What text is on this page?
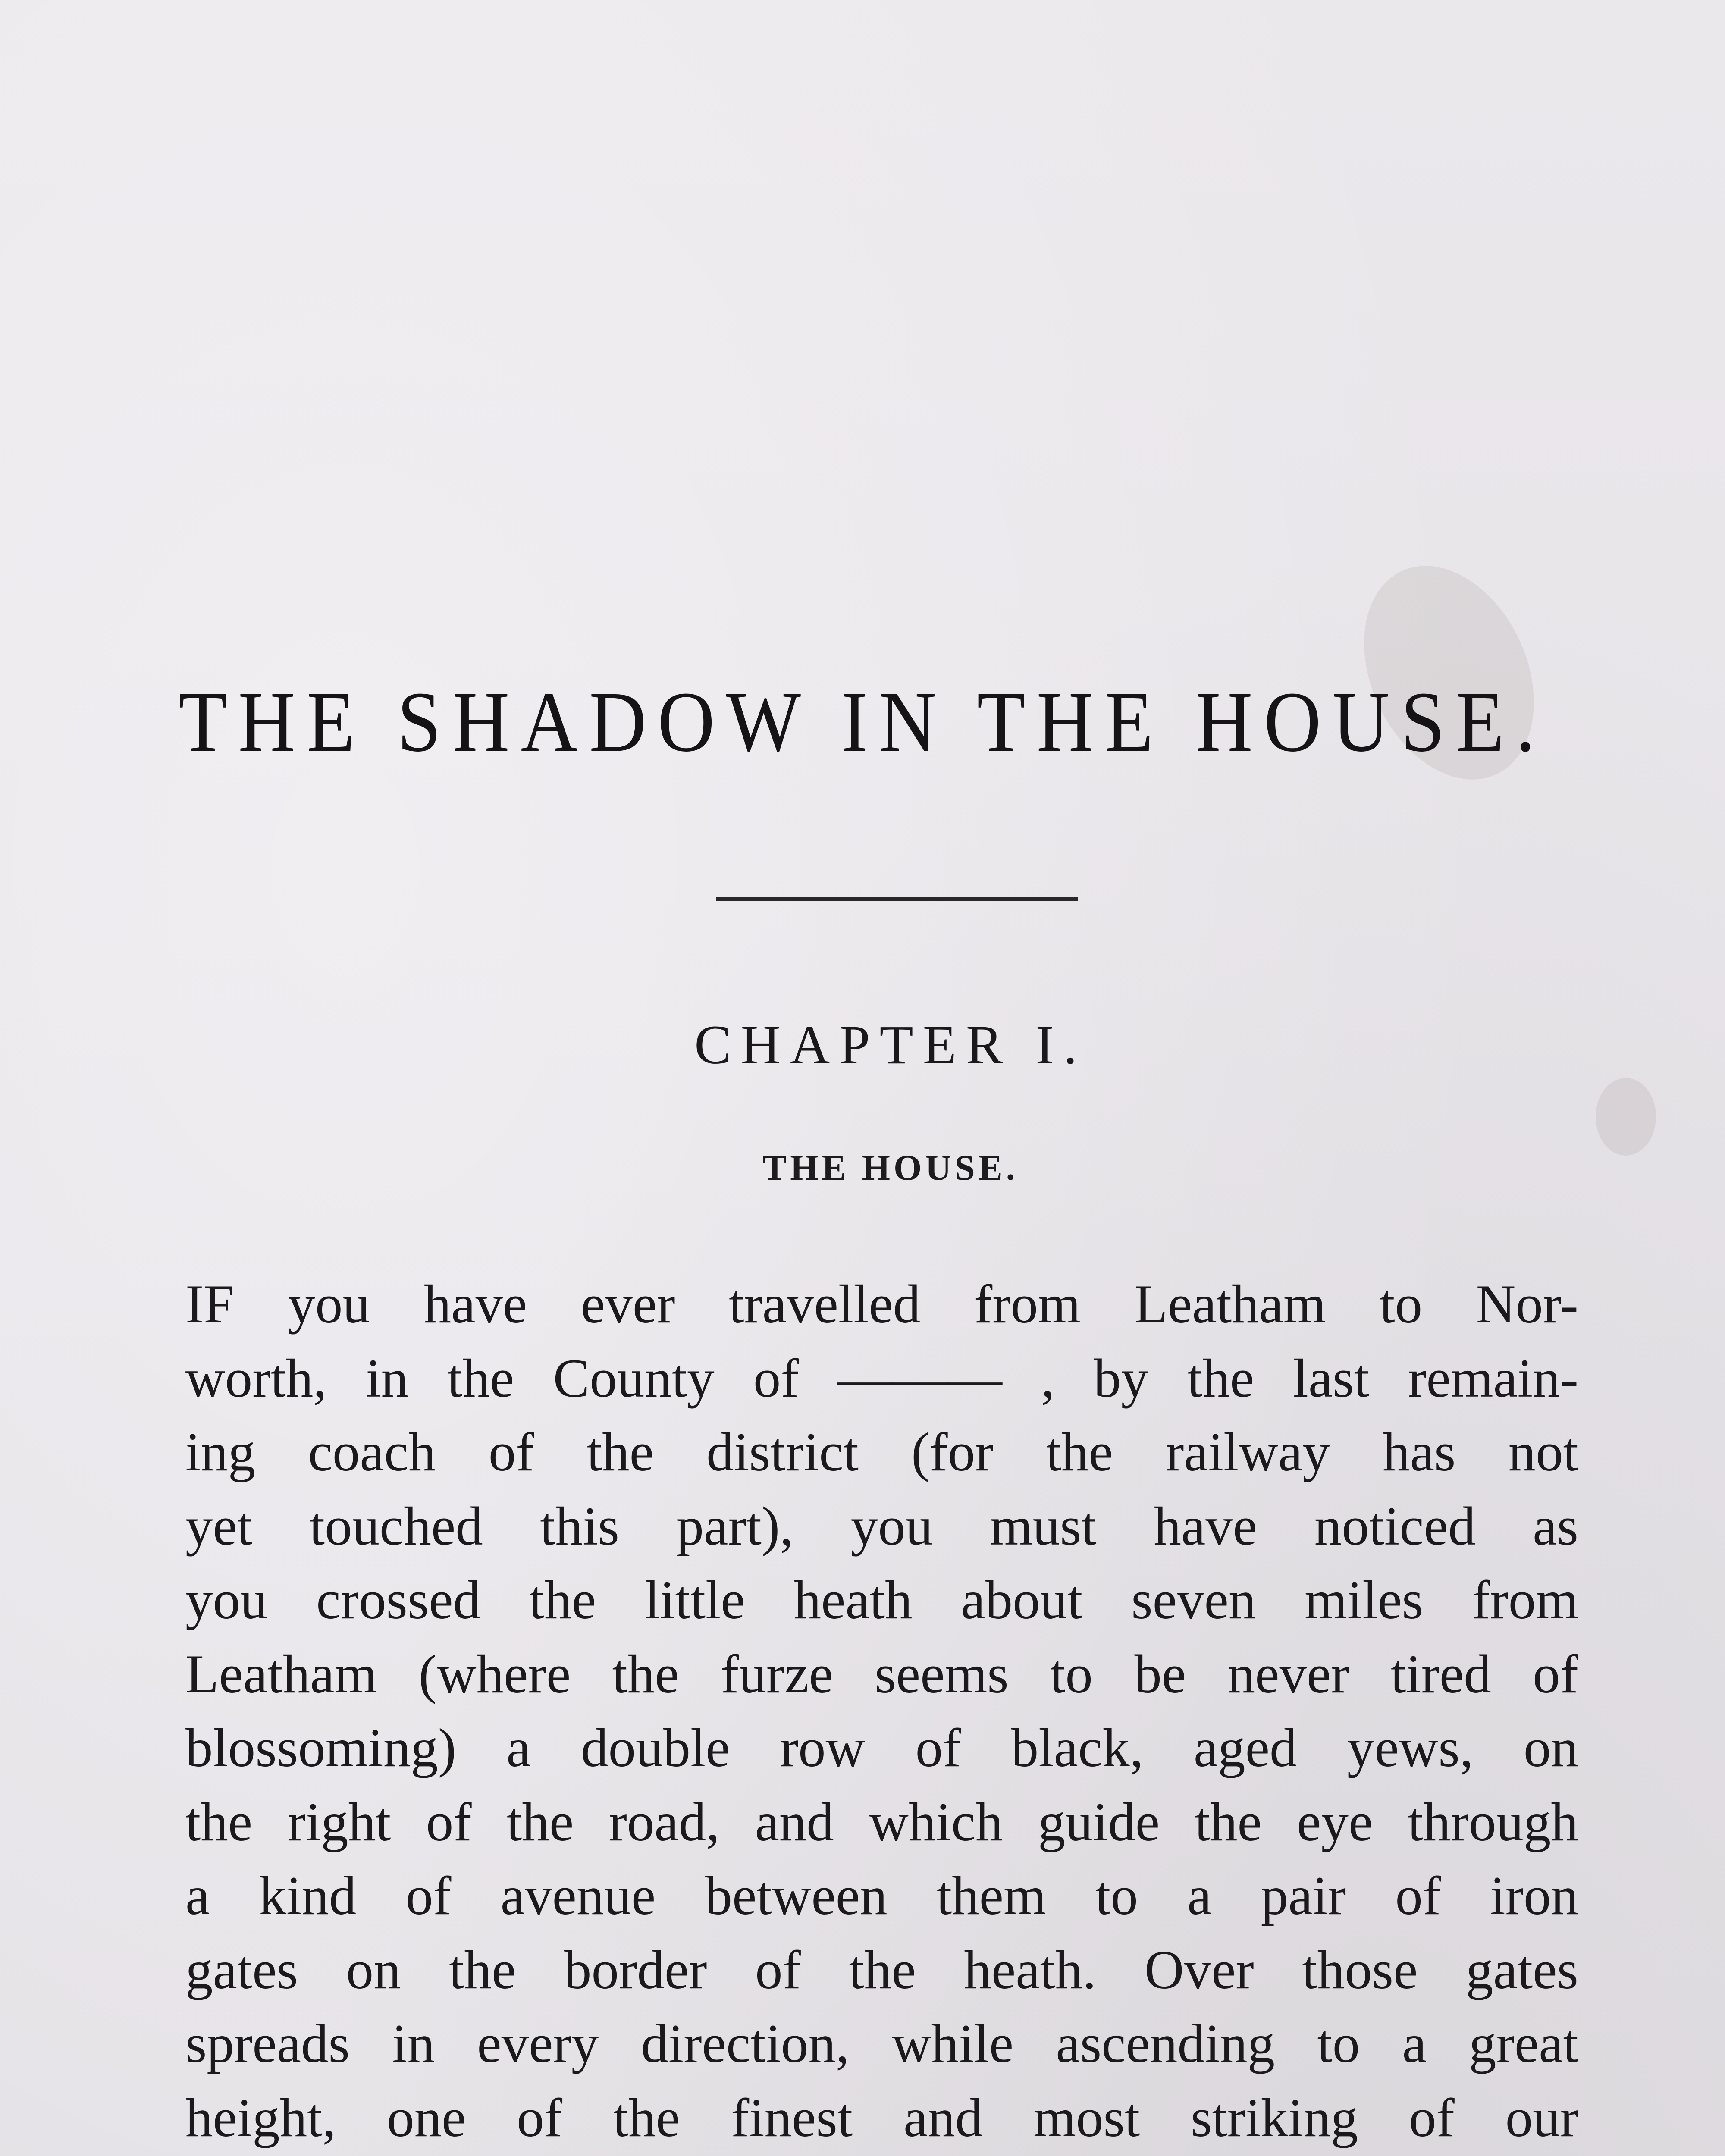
THE SHADOW IN THE HOUSE.
CHAPTER I.
THE HOUSE.
IF you have ever travelled from Leatham to Nor-
worth, in the County of ——— , by the last remain-
ing coach of the district (for the railway has not
yet touched this part), you must have noticed as
you crossed the little heath about seven miles from
Leatham (where the furze seems to be never tired of
blossoming) a double row of black, aged yews, on
the right of the road, and which guide the eye through
a kind of avenue between them to a pair of iron
gates on the border of the heath. Over those gates
spreads in every direction, while ascending to a great
height, one of the finest and most striking of our
